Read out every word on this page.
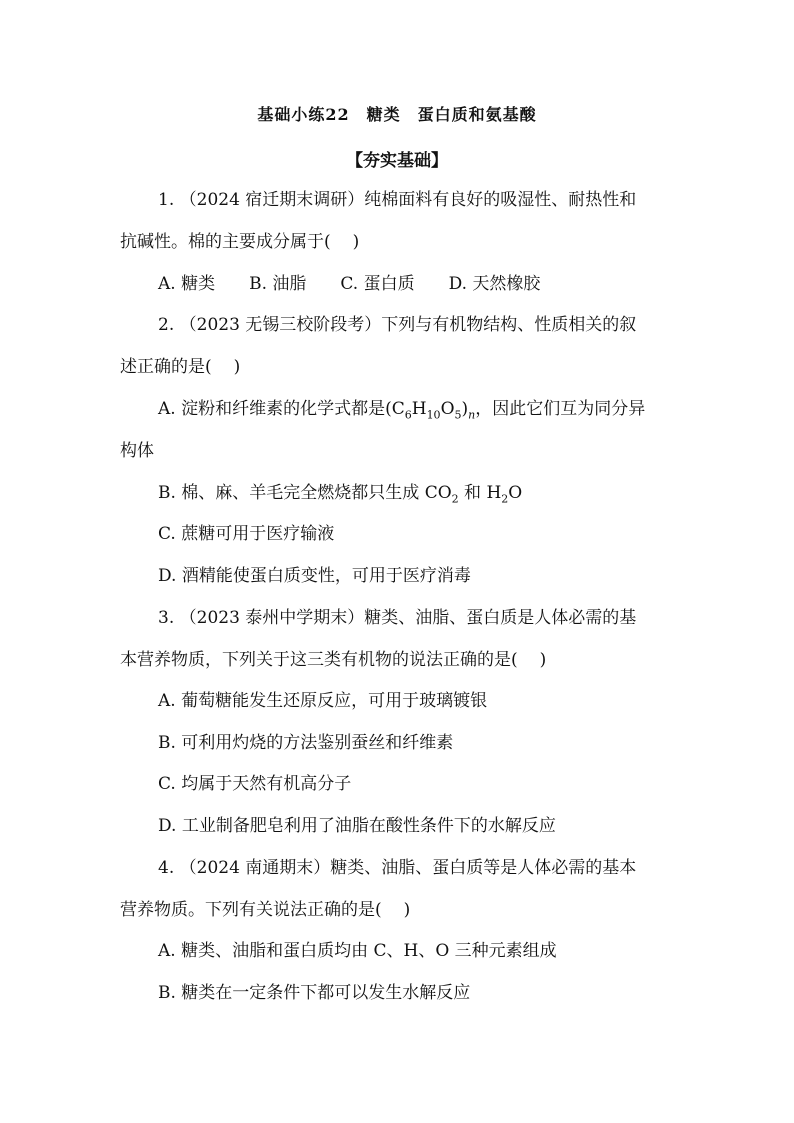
基础小练22　糖类　蛋白质和氨基酸
【夯实基础】
1. （2024 宿迁期末调研）纯棉面料有良好的吸湿性、耐热性和
抗碱性。棉的主要成分属于( )
A. 糖类　　B. 油脂　　C. 蛋白质　　D. 天然橡胶
2. （2023 无锡三校阶段考）下列与有机物结构、性质相关的叙
述正确的是( )
A. 淀粉和纤维素的化学式都是$(C_6H_{10}O_5)_n$，因此它们互为同分异
构体
B. 棉、麻、羊毛完全燃烧都只生成 $CO_2$ 和 $H_2O$
C. 蔗糖可用于医疗输液
D. 酒精能使蛋白质变性，可用于医疗消毒
3. （2023 泰州中学期末）糖类、油脂、蛋白质是人体必需的基
本营养物质，下列关于这三类有机物的说法正确的是( )
A. 葡萄糖能发生还原反应，可用于玻璃镀银
B. 可利用灼烧的方法鉴别蚕丝和纤维素
C. 均属于天然有机高分子
D. 工业制备肥皂利用了油脂在酸性条件下的水解反应
4. （2024 南通期末）糖类、油脂、蛋白质等是人体必需的基本
营养物质。下列有关说法正确的是( )
A. 糖类、油脂和蛋白质均由 C、H、O 三种元素组成
B. 糖类在一定条件下都可以发生水解反应
